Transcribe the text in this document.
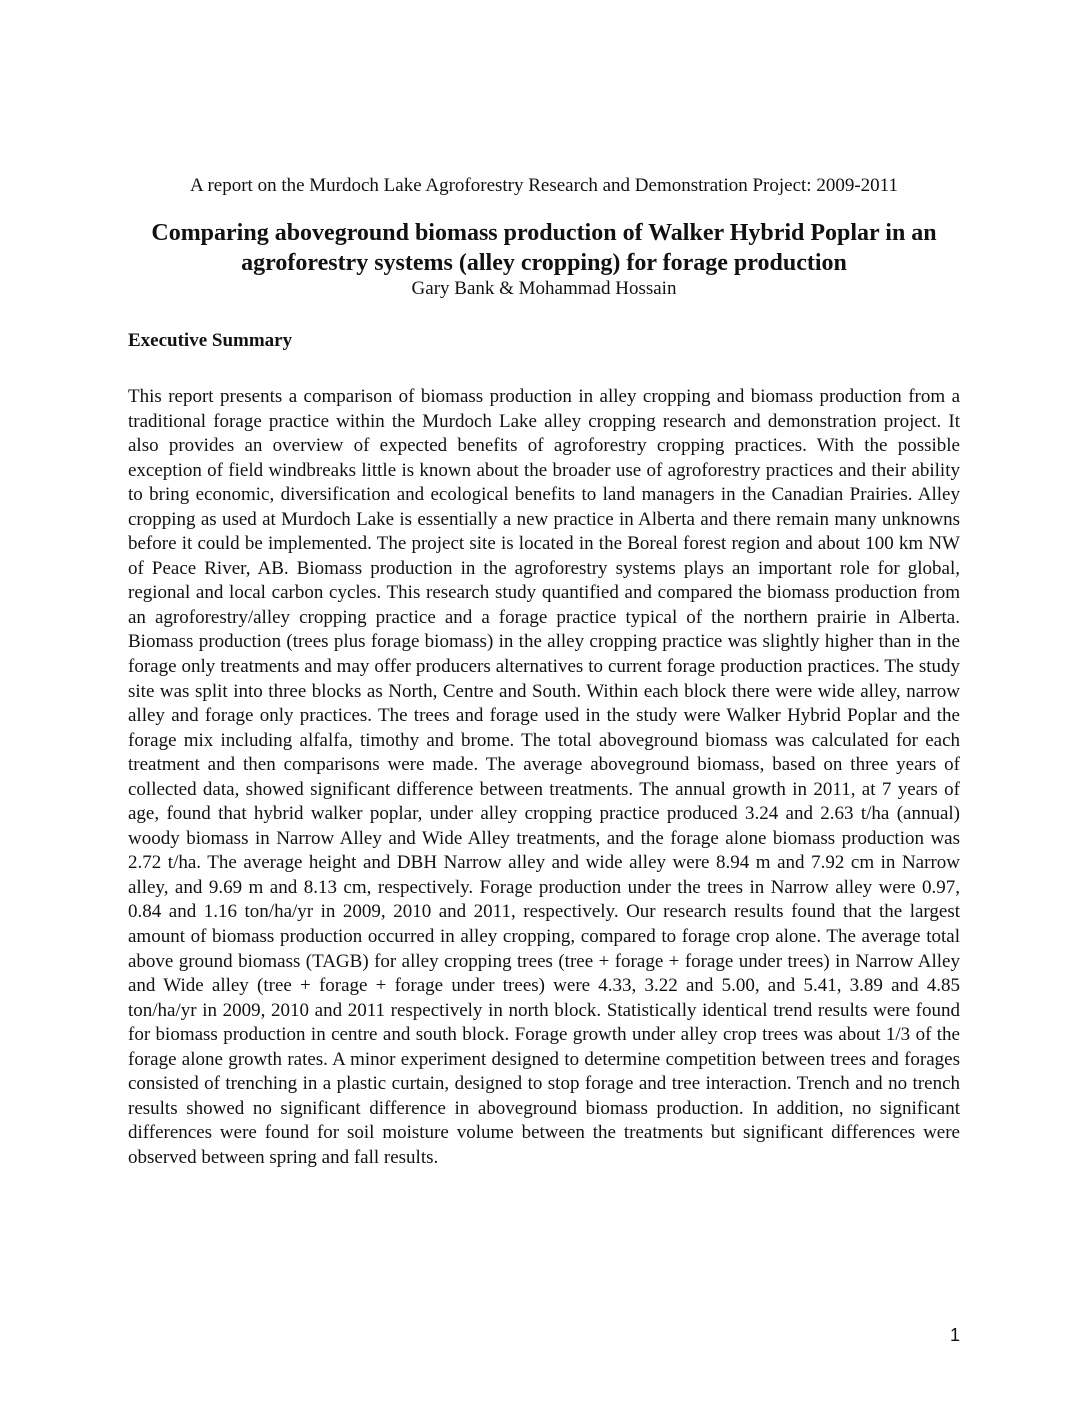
A report on the Murdoch Lake Agroforestry Research and Demonstration Project: 2009-2011
Comparing aboveground biomass production of Walker Hybrid Poplar in an agroforestry systems (alley cropping) for forage production
Gary Bank & Mohammad Hossain
Executive Summary

This report presents a comparison of biomass production in alley cropping and biomass production from a traditional forage practice within the Murdoch Lake alley cropping research and demonstration project. It also provides an overview of expected benefits of agroforestry cropping practices. With the possible exception of field windbreaks little is known about the broader use of agroforestry practices and their ability to bring economic, diversification and ecological benefits to land managers in the Canadian Prairies. Alley cropping as used at Murdoch Lake is essentially a new practice in Alberta and there remain many unknowns before it could be implemented. The project site is located in the Boreal forest region and about 100 km NW of Peace River, AB. Biomass production in the agroforestry systems plays an important role for global, regional and local carbon cycles. This research study quantified and compared the biomass production from an agroforestry/alley cropping practice and a forage practice typical of the northern prairie in Alberta. Biomass production (trees plus forage biomass) in the alley cropping practice was slightly higher than in the forage only treatments and may offer producers alternatives to current forage production practices. The study site was split into three blocks as North, Centre and South. Within each block there were wide alley, narrow alley and forage only practices. The trees and forage used in the study were Walker Hybrid Poplar and the forage mix including alfalfa, timothy and brome. The total aboveground biomass was calculated for each treatment and then comparisons were made. The average aboveground biomass, based on three years of collected data, showed significant difference between treatments. The annual growth in 2011, at 7 years of age, found that hybrid walker poplar, under alley cropping practice produced 3.24 and 2.63 t/ha (annual) woody biomass in Narrow Alley and Wide Alley treatments, and the forage alone biomass production was 2.72 t/ha. The average height and DBH Narrow alley and wide alley were 8.94 m and 7.92 cm in Narrow alley, and 9.69 m and 8.13 cm, respectively. Forage production under the trees in Narrow alley were 0.97, 0.84 and 1.16 ton/ha/yr in 2009, 2010 and 2011, respectively. Our research results found that the largest amount of biomass production occurred in alley cropping, compared to forage crop alone. The average total above ground biomass (TAGB) for alley cropping trees (tree + forage + forage under trees) in Narrow Alley and Wide alley (tree + forage + forage under trees) were 4.33, 3.22 and 5.00, and 5.41, 3.89 and 4.85 ton/ha/yr in 2009, 2010 and 2011 respectively in north block. Statistically identical trend results were found for biomass production in centre and south block. Forage growth under alley crop trees was about 1/3 of the forage alone growth rates. A minor experiment designed to determine competition between trees and forages consisted of trenching in a plastic curtain, designed to stop forage and tree interaction. Trench and no trench results showed no significant difference in aboveground biomass production. In addition, no significant differences were found for soil moisture volume between the treatments but significant differences were observed between spring and fall results.

1
